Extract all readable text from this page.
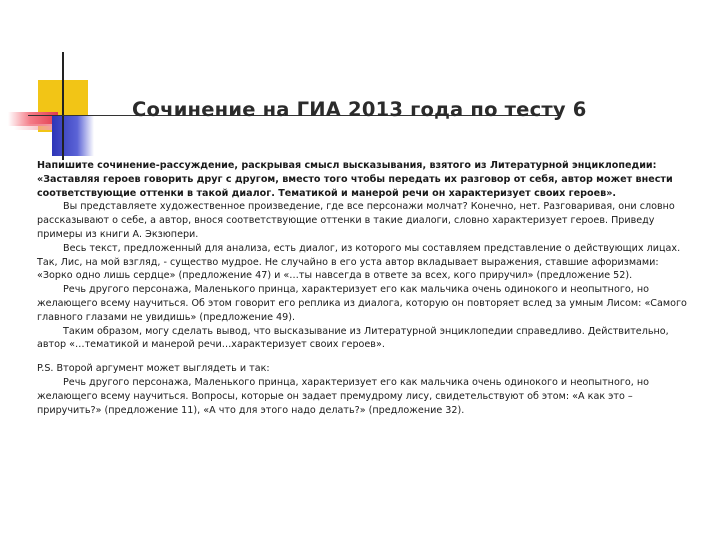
Сочинение на ГИА 2013 года по тесту 6

Напишите сочинение-рассуждение, раскрывая смысл высказывания, взятого из Литературной энциклопедии: «Заставляя героев говорить друг с другом, вместо того чтобы передать их разговор от себя, автор может внести соответствующие оттенки в такой диалог. Тематикой и манерой речи он характеризует своих героев».

Вы представляете художественное произведение, где все персонажи молчат? Конечно, нет. Разговаривая, они словно рассказывают о себе, а автор, внося соответствующие оттенки в такие диалоги, словно характеризует героев. Приведу примеры из книги А. Экзюпери.

Весь текст, предложенный для анализа, есть диалог, из которого мы составляем представление о действующих лицах. Так, Лис, на мой взгляд, - существо мудрое. Не случайно в его уста автор вкладывает выражения, ставшие афоризмами: «Зорко одно лишь сердце» (предложение 47) и «…ты навсегда в ответе за всех, кого приручил» (предложение 52).

Речь другого персонажа, Маленького принца, характеризует его как мальчика очень одинокого и неопытного, но желающего всему научиться. Об этом говорит его реплика из диалога, которую он повторяет вслед за умным Лисом: «Самого главного глазами не увидишь» (предложение 49).

Таким образом, могу сделать вывод, что высказывание из Литературной энциклопедии справедливо. Действительно, автор «…тематикой и манерой речи…характеризует своих героев».

P.S. Второй аргумент может выглядеть и так:

Речь другого персонажа, Маленького принца, характеризует его как мальчика очень одинокого и неопытного, но желающего всему научиться. Вопросы, которые он задает премудрому лису, свидетельствуют об этом: «А как это – приручить?» (предложение 11), «А что для этого надо делать?» (предложение 32).
